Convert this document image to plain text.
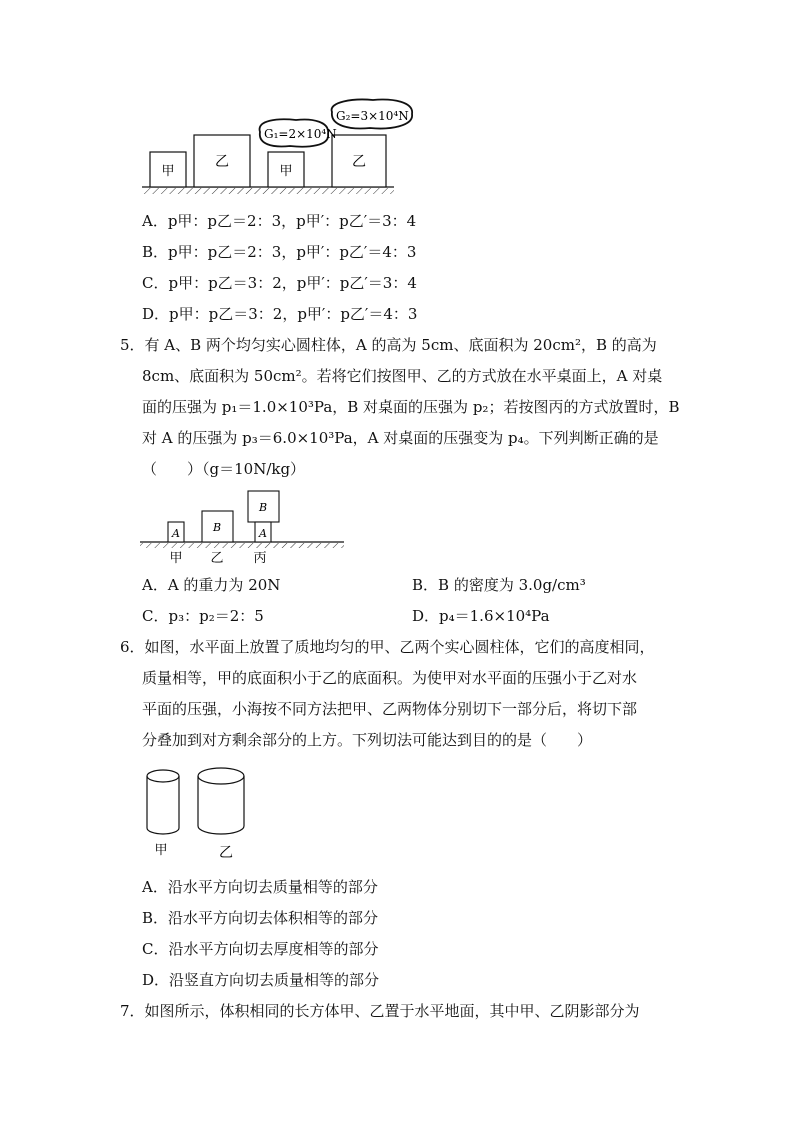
甲
乙
甲
乙
G₁=2×10⁴N
G₂=3×10⁴N
A．p甲：p乙＝2：3，p甲′：p乙′＝3：4
B．p甲：p乙＝2：3，p甲′：p乙′＝4：3
C．p甲：p乙＝3：2，p甲′：p乙′＝3：4
D．p甲：p乙＝3：2，p甲′：p乙′＝4：3
5．有 A、B 两个均匀实心圆柱体，A 的高为 5cm、底面积为 20cm²，B 的高为
8cm、底面积为 50cm²。若将它们按图甲、乙的方式放在水平桌面上，A 对桌
面的压强为 p₁＝1.0×10³Pa，B 对桌面的压强为 p₂；若按图丙的方式放置时，B
对 A 的压强为 p₃＝6.0×10³Pa，A 对桌面的压强变为 p₄。下列判断正确的是
（　　）（g＝10N/kg）
A	B
B
A
甲 乙 丙
A．A 的重力为 20N	B．B 的密度为 3.0g/cm³
C．p₃：p₂＝2：5	D．p₄＝1.6×10⁴Pa
6．如图，水平面上放置了质地均匀的甲、乙两个实心圆柱体，它们的高度相同，
质量相等，甲的底面积小于乙的底面积。为使甲对水平面的压强小于乙对水
平面的压强，小海按不同方法把甲、乙两物体分别切下一部分后，将切下部
分叠加到对方剩余部分的上方。下列切法可能达到目的的是（　　）
甲	乙
A．沿水平方向切去质量相等的部分
B．沿水平方向切去体积相等的部分
C．沿水平方向切去厚度相等的部分
D．沿竖直方向切去质量相等的部分
7．如图所示，体积相同的长方体甲、乙置于水平地面，其中甲、乙阴影部分为
